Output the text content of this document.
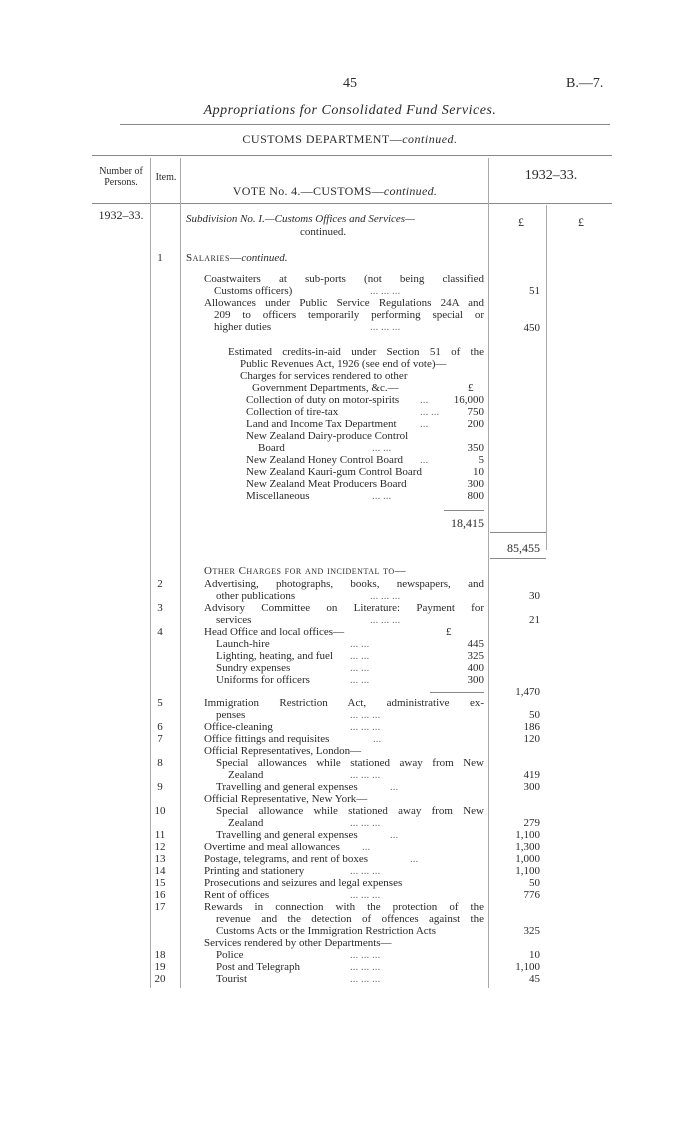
45	B.—7.
Appropriations for Consolidated Fund Services.
CUSTOMS DEPARTMENT—continued.
Number of Persons.	Item.
VOTE No. 4.—CUSTOMS—continued.
1932–33.
1932–33.	£	£
Subdivision No. I.—Customs Offices and Services—
continued.
1	Salaries—continued.
Coastwaiters at sub-ports (not being classified
Customs officers)	... ... ...	51
Allowances under Public Service Regulations 24A and
209 to officers temporarily performing special or
higher duties	... ... ...	450
Estimated credits-in-aid under Section 51 of the
Public Revenues Act, 1926 (see end of vote)—
Charges for services rendered to other
Government Departments, &c.—	£
Collection of duty on motor-spirits ...	16,000
Collection of tire-tax	... ...	750
Land and Income Tax Department ...	200
New Zealand Dairy-produce Control
Board	... ...	350
New Zealand Honey Control Board ...	5
New Zealand Kauri-gum Control Board	10
New Zealand Meat Producers Board	300
Miscellaneous	... ...	800
18,415
85,455
Other Charges for and incidental to—
2	Advertising, photographs, books, newspapers, and
other publications	... ... ...	30
3	Advisory Committee on Literature: Payment for
services	... ... ...	21
4	Head Office and local offices—	£
Launch-hire	... ...	445
Lighting, heating, and fuel ... ...	325
Sundry expenses	... ...	400
Uniforms for officers	... ...	300
1,470
5	Immigration Restriction Act, administrative ex-
penses	... ... ...	50
6	Office-cleaning	... ... ...	186
7	Office fittings and requisites	...	120
Official Representatives, London—
8	Special allowances while stationed away from New
Zealand	... ... ...	419
9	Travelling and general expenses	...	300
Official Representative, New York—
10	Special allowance while stationed away from New
Zealand	... ... ...	279
11	Travelling and general expenses	...	1,100
12	Overtime and meal allowances ...	1,300
13	Postage, telegrams, and rent of boxes	...	1,000
14	Printing and stationery	... ... ...	1,100
15	Prosecutions and seizures and legal expenses	50
16	Rent of offices	... ... ...	776
17	Rewards in connection with the protection of the
revenue and the detection of offences against the
Customs Acts or the Immigration Restriction Acts	325
Services rendered by other Departments—
18	Police	... ... ...	10
19	Post and Telegraph	... ... ...	1,100
20	Tourist	... ... ...	45
